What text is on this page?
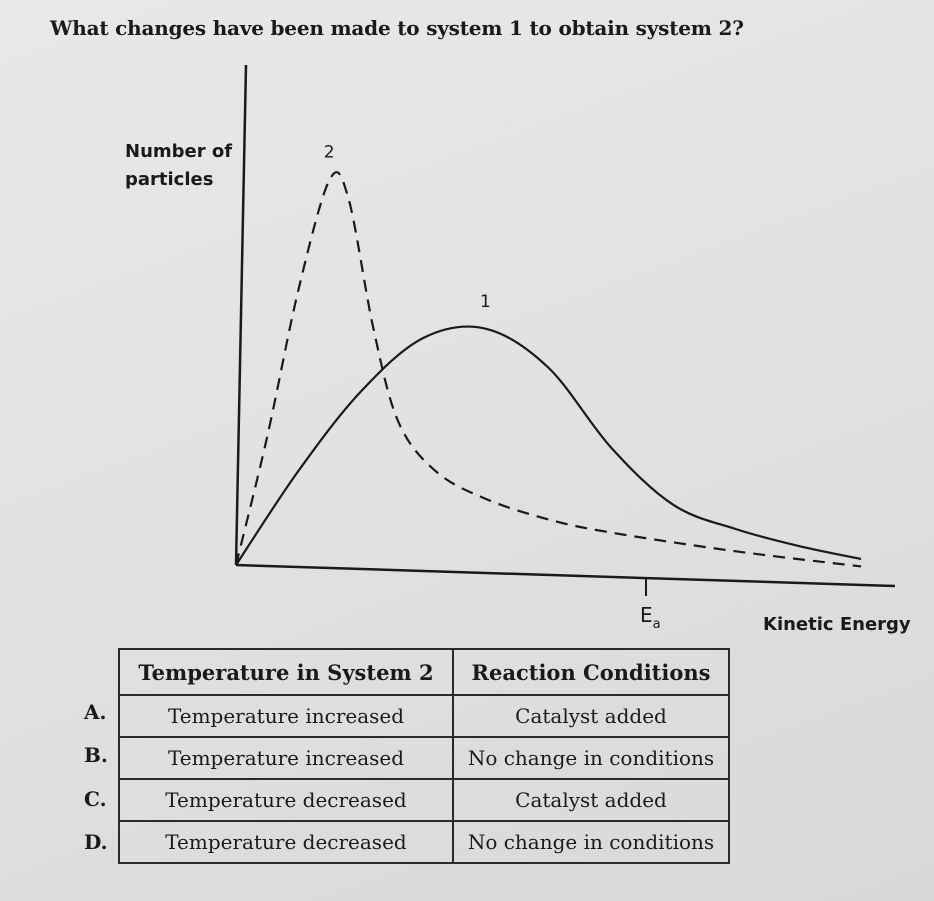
What changes have been made to system 1 to obtain system 2?
Number of
particles
Kinetic Energy
$E_a$
1
2
A.
B.
C.
D.
Temperature in System 2	Reaction Conditions
Temperature increased	Catalyst added
Temperature increased	No change in conditions
Temperature decreased	Catalyst added
Temperature decreased	No change in conditions
